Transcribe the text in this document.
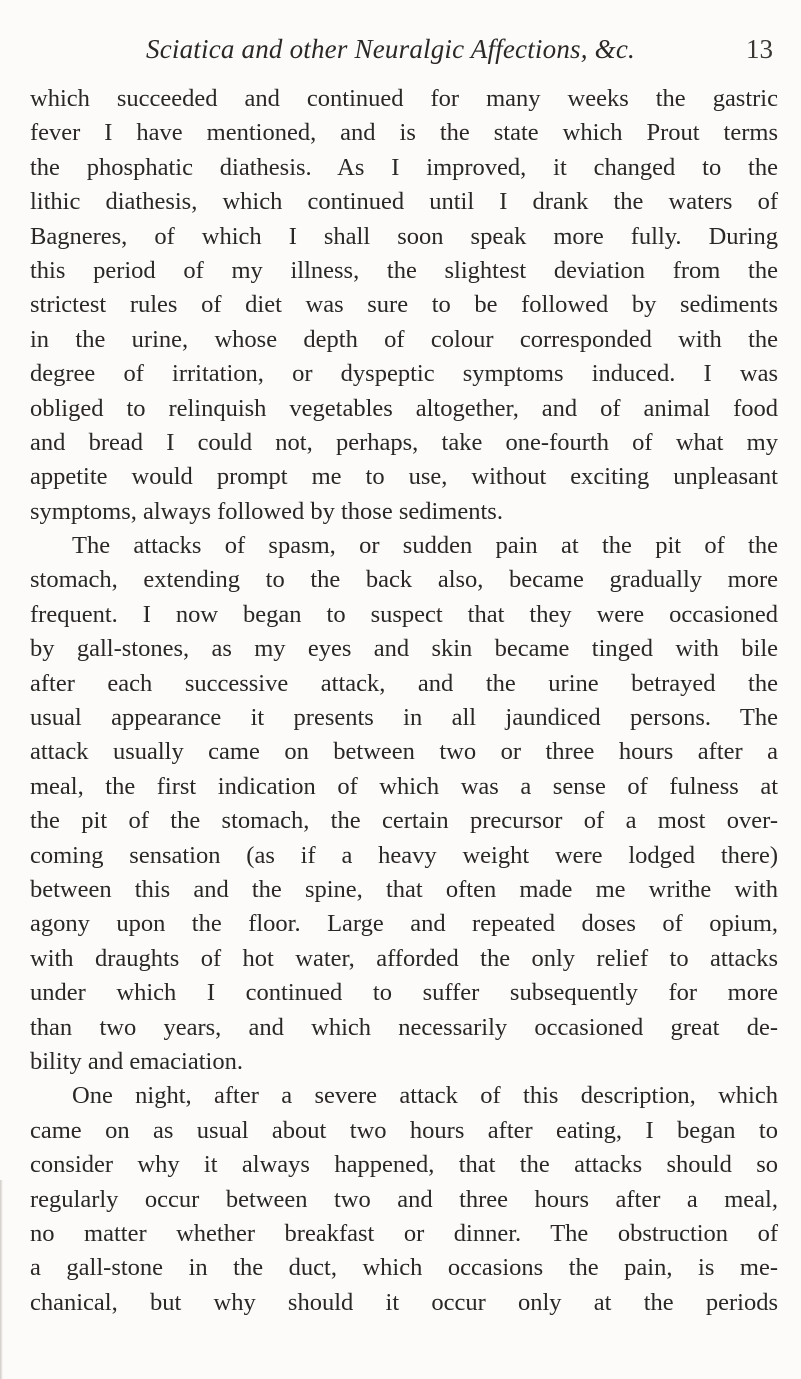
Sciatica and other Neuralgic Affections, &c.	13
which succeeded and continued for many weeks the gastric
fever I have mentioned, and is the state which Prout terms
the phosphatic diathesis. As I improved, it changed to the
lithic diathesis, which continued until I drank the waters of
Bagneres, of which I shall soon speak more fully. During
this period of my illness, the slightest deviation from the
strictest rules of diet was sure to be followed by sediments
in the urine, whose depth of colour corresponded with the
degree of irritation, or dyspeptic symptoms induced. I was
obliged to relinquish vegetables altogether, and of animal food
and bread I could not, perhaps, take one-fourth of what my
appetite would prompt me to use, without exciting unpleasant
symptoms, always followed by those sediments.
The attacks of spasm, or sudden pain at the pit of the
stomach, extending to the back also, became gradually more
frequent. I now began to suspect that they were occasioned
by gall-stones, as my eyes and skin became tinged with bile
after each successive attack, and the urine betrayed the
usual appearance it presents in all jaundiced persons. The
attack usually came on between two or three hours after a
meal, the first indication of which was a sense of fulness at
the pit of the stomach, the certain precursor of a most over-
coming sensation (as if a heavy weight were lodged there)
between this and the spine, that often made me writhe with
agony upon the floor. Large and repeated doses of opium,
with draughts of hot water, afforded the only relief to attacks
under which I continued to suffer subsequently for more
than two years, and which necessarily occasioned great de-
bility and emaciation.
One night, after a severe attack of this description, which
came on as usual about two hours after eating, I began to
consider why it always happened, that the attacks should so
regularly occur between two and three hours after a meal,
no matter whether breakfast or dinner. The obstruction of
a gall-stone in the duct, which occasions the pain, is me-
chanical, but why should it occur only at the periods
